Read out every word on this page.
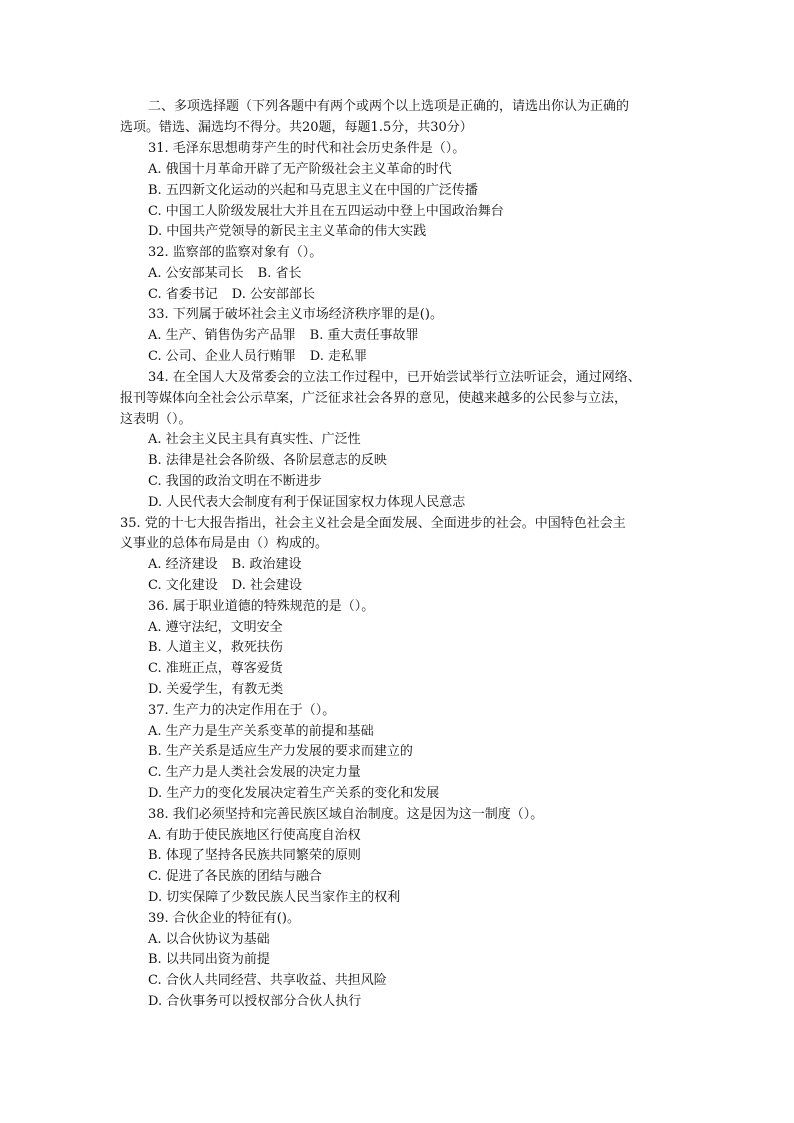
二、多项选择题（下列各题中有两个或两个以上选项是正确的，请选出你认为正确的
选项。错选、漏选均不得分。共20题，每题1.5分，共30分）
31. 毛泽东思想萌芽产生的时代和社会历史条件是（）。
A. 俄国十月革命开辟了无产阶级社会主义革命的时代
B. 五四新文化运动的兴起和马克思主义在中国的广泛传播
C. 中国工人阶级发展壮大并且在五四运动中登上中国政治舞台
D. 中国共产党领导的新民主主义革命的伟大实践
32. 监察部的监察对象有（）。
A. 公安部某司长 B. 省长
C. 省委书记 D. 公安部部长
33. 下列属于破坏社会主义市场经济秩序罪的是()。
A. 生产、销售伪劣产品罪 B. 重大责任事故罪
C. 公司、企业人员行贿罪 D. 走私罪
34. 在全国人大及常委会的立法工作过程中，已开始尝试举行立法听证会，通过网络、
报刊等媒体向全社会公示草案，广泛征求社会各界的意见，使越来越多的公民参与立法，
这表明（）。
A. 社会主义民主具有真实性、广泛性
B. 法律是社会各阶级、各阶层意志的反映
C. 我国的政治文明在不断进步
D. 人民代表大会制度有利于保证国家权力体现人民意志
35. 党的十七大报告指出，社会主义社会是全面发展、全面进步的社会。中国特色社会主
义事业的总体布局是由（）构成的。
A. 经济建设 B. 政治建设
C. 文化建设 D. 社会建设
36. 属于职业道德的特殊规范的是（）。
A. 遵守法纪，文明安全
B. 人道主义，救死扶伤
C. 准班正点，尊客爱货
D. 关爱学生，有教无类
37. 生产力的决定作用在于（）。
A. 生产力是生产关系变革的前提和基础
B. 生产关系是适应生产力发展的要求而建立的
C. 生产力是人类社会发展的决定力量
D. 生产力的变化发展决定着生产关系的变化和发展
38. 我们必须坚持和完善民族区域自治制度。这是因为这一制度（）。
A. 有助于使民族地区行使高度自治权
B. 体现了坚持各民族共同繁荣的原则
C. 促进了各民族的团结与融合
D. 切实保障了少数民族人民当家作主的权利
39. 合伙企业的特征有()。
A. 以合伙协议为基础
B. 以共同出资为前提
C. 合伙人共同经营、共享收益、共担风险
D. 合伙事务可以授权部分合伙人执行
